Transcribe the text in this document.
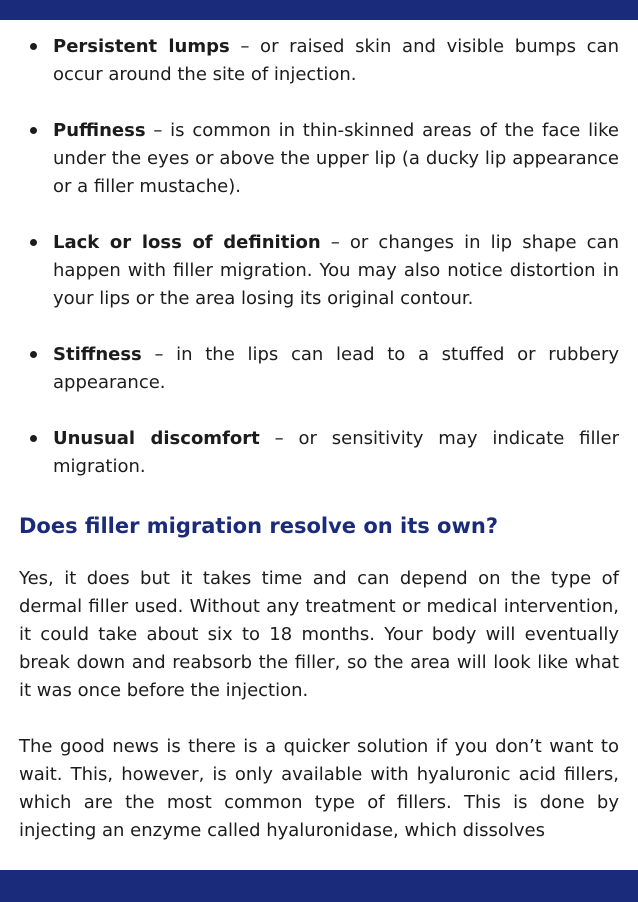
Persistent lumps – or raised skin and visible bumps can occur around the site of injection.
Puffiness – is common in thin-skinned areas of the face like under the eyes or above the upper lip (a ducky lip appearance or a filler mustache).
Lack or loss of definition – or changes in lip shape can happen with filler migration. You may also notice distortion in your lips or the area losing its original contour.
Stiffness – in the lips can lead to a stuffed or rubbery appearance.
Unusual discomfort – or sensitivity may indicate filler migration.
Does filler migration resolve on its own?

Yes, it does but it takes time and can depend on the type of dermal filler used. Without any treatment or medical intervention, it could take about six to 18 months. Your body will eventually break down and reabsorb the filler, so the area will look like what it was once before the injection.

The good news is there is a quicker solution if you don’t want to wait. This, however, is only available with hyaluronic acid fillers, which are the most common type of fillers. This is done by injecting an enzyme called hyaluronidase, which dissolves
